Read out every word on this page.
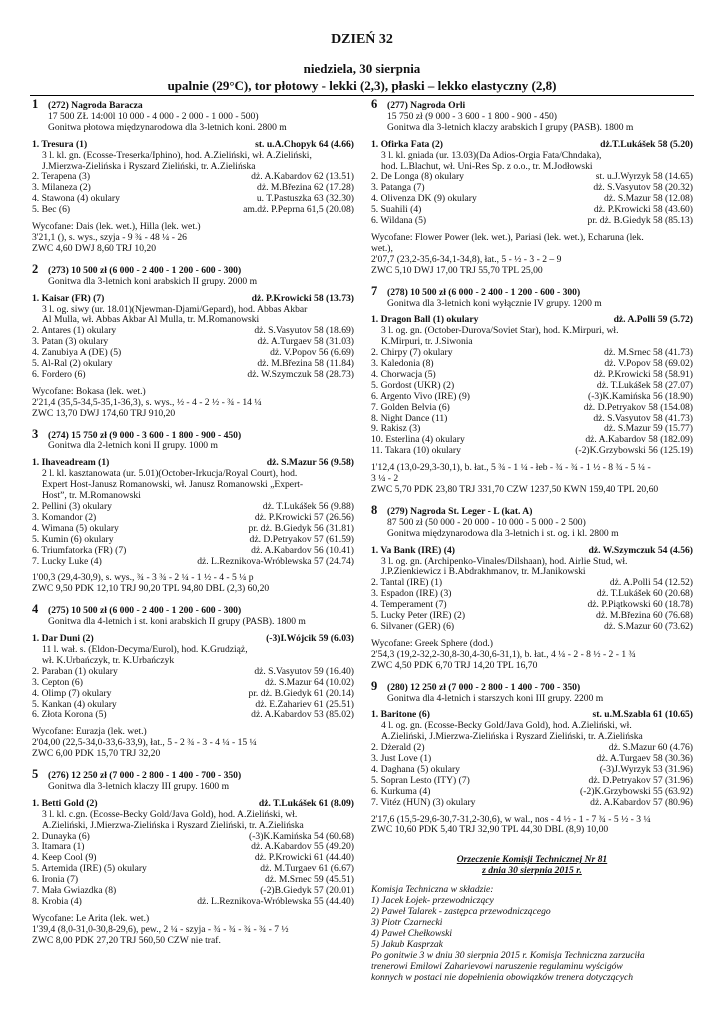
DZIEŃ 32
niedziela, 30 sierpnia
upalnie (29°C), tor płotowy - lekki (2,3), płaski – lekko elastyczny (2,8)
1	(272) Nagroda Baracza
17 500 ZŁ 14:00l 10 000 - 4 000 - 2 000 - 1 000 - 500)
Gonitwa płotowa międzynarodowa dla 3-letnich koni. 2800 m
1. Tresura (1)	st. u.A.Chopyk 64 (4.66)
3 l. kl. gn. (Ecosse-Treserka/Iphino), hod. A.Zieliński, wł. A.Zieliński,
J.Mierzwa-Zielińska i Ryszard Zieliński, tr. A.Zielińska
2. Terapena (3)	dż. A.Kabardov 62 (13.51)
3. Milaneza (2)	dż. M.Březina 62 (17.28)
4. Stawona (4) okulary	u. T.Pastuszka 63 (32.30)
5. Bec (6)	am.dż. P.Peprna 61,5 (20.08)
Wycofane: Dais (lek. wet.), Hilla (lek. wet.)
3'21,1 (), s. wys., szyja - 9 ¾ - 48 ¼ - 26
ZWC 4,60 DWJ 8,60 TRJ 10,20
2	(273) 10 500 zł (6 000 - 2 400 - 1 200 - 600 - 300)
Gonitwa dla 3-letnich koni arabskich II grupy. 2000 m
1. Kaisar (FR) (7)	dż. P.Krowicki 58 (13.73)
3 l. og. siwy (ur. 18.01)(Njewman-Djami/Gepard), hod. Abbas Akbar
Al Mulla, wł. Abbas Akbar Al Mulla, tr. M.Romanowski
2. Antares (1) okulary	dż. S.Vasyutov 58 (18.69)
3. Patan (3) okulary	dż. A.Turgaev 58 (31.03)
4. Zanubiya A (DE) (5)	dż. V.Popov 56 (6.69)
5. Al-Ral (2) okulary	dż. M.Březina 58 (11.84)
6. Fordero (6)	dż. W.Szymczuk 58 (28.73)
Wycofane: Bokasa (lek. wet.)
2'21,4 (35,5-34,5-35,1-36,3), s. wys., ½ - 4 - 2 ½ - ¾ - 14 ¼
ZWC 13,70 DWJ 174,60 TRJ 910,20
3	(274) 15 750 zł (9 000 - 3 600 - 1 800 - 900 - 450)
Gonitwa dla 2-letnich koni II grupy. 1000 m
1. Ihaveadream (1)	dż. S.Mazur 56 (9.58)
2 l. kl. kasztanowata (ur. 5.01)(October-Irkucja/Royal Court), hod.
Expert Host-Janusz Romanowski, wł. Janusz Romanowski „Expert-
Host”, tr. M.Romanowski
2. Pellini (3) okulary	dż. T.Lukášek 56 (9.88)
3. Komandor (2)	dż. P.Krowicki 57 (26.56)
4. Wimana (5) okulary	pr. dż. B.Giedyk 56 (31.81)
5. Kumin (6) okulary	dż. D.Petryakov 57 (61.59)
6. Triumfatorka (FR) (7)	dż. A.Kabardov 56 (10.41)
7. Lucky Luke (4)	dż. L.Reznikova-Wróblewska 57 (24.74)
1'00,3 (29,4-30,9), s. wys., ¾ - 3 ¾ - 2 ¼ - 1 ½ - 4 - 5 ¼ p
ZWC 9,50 PDK 12,10 TRJ 90,20 TPL 94,80 DBL (2,3) 60,20
4	(275) 10 500 zł (6 000 - 2 400 - 1 200 - 600 - 300)
Gonitwa dla 4-letnich i st. koni arabskich II grupy (PASB). 1800 m
1. Dar Duni (2)	(-3)I.Wójcik 59 (6.03)
11 l. wał. s. (Eldon-Decyma/Eurol), hod. K.Grudziąż,
wł. K.Urbańczyk, tr. K.Urbańczyk
2. Paraban (1) okulary	dż. S.Vasyutov 59 (16.40)
3. Cepton (6)	dż. S.Mazur 64 (10.02)
4. Olimp (7) okulary	pr. dż. B.Giedyk 61 (20.14)
5. Kankan (4) okulary	dż. E.Zahariev 61 (25.51)
6. Złota Korona (5)	dż. A.Kabardov 53 (85.02)
Wycofane: Eurazja (lek. wet.)
2'04,00 (22,5-34,0-33,6-33,9), łat., 5 - 2 ¾ - 3 - 4 ¼ - 15 ¼
ZWC 6,00 PDK 15,70 TRJ 32,20
5	(276) 12 250 zł (7 000 - 2 800 - 1 400 - 700 - 350)
Gonitwa dla 3-letnich klaczy III grupy. 1600 m
1. Betti Gold (2)	dż. T.Lukášek 61 (8.09)
3 l. kl. c.gn. (Ecosse-Becky Gold/Java Gold), hod. A.Zieliński, wł.
A.Zieliński, J.Mierzwa-Zielińska i Ryszard Zieliński, tr. A.Zielińska
2. Dunayka (6)	(-3)K.Kamińska 54 (60.68)
3. Itamara (1)	dż. A.Kabardov 55 (49.20)
4. Keep Cool (9)	dż. P.Krowicki 61 (44.40)
5. Artemida (IRE) (5) okulary	dż. M.Turgaev 61 (6.67)
6. Ironia (7)	dż. M.Srnec 59 (45.51)
7. Mała Gwiazdka (8)	(-2)B.Giedyk 57 (20.01)
8. Krobia (4)	dż. L.Reznikova-Wróblewska 55 (44.40)
Wycofane: Le Arita (lek. wet.)
1'39,4 (8,0-31,0-30,8-29,6), pew., 2 ¼ - szyja - ¾ - ¾ - ¾ - ¾ - 7 ½
ZWC 8,00 PDK 27,20 TRJ 560,50 CZW nie traf.
6	(277) Nagroda Orli
15 750 zł (9 000 - 3 600 - 1 800 - 900 - 450)
Gonitwa dla 3-letnich klaczy arabskich I grupy (PASB). 1800 m
1. Ofirka Fata (2)	dż.T.Lukášek 58 (5.20)
3 l. kl. gniada (ur. 13.03)(Da Adios-Orgia Fata/Chndaka),
hod. L.Blachut, wł. Uni-Res Sp. z o.o., tr. M.Jodłowski
2. De Longa (8) okulary	st. u.J.Wyrzyk 58 (14.65)
3. Patanga (7)	dż. S.Vasyutov 58 (20.32)
4. Olivenza DK (9) okulary	dż. S.Mazur 58 (12.08)
5. Suahili (4)	dż. P.Krowicki 58 (43.60)
6. Wildana (5)	pr. dż. B.Giedyk 58 (85.13)
Wycofane: Flower Power (lek. wet.), Pariasi (lek. wet.), Echaruna (lek.
wet.),
2'07,7 (23,2-35,6-34,1-34,8), łat., 5 - ½ - 3 - 2 – 9
ZWC 5,10 DWJ 17,00 TRJ 55,70 TPL 25,00
7	(278) 10 500 zł (6 000 - 2 400 - 1 200 - 600 - 300)
Gonitwa dla 3-letnich koni wyłącznie IV grupy. 1200 m
1. Dragon Ball (1) okulary	dż. A.Polli 59 (5.72)
3 l. og. gn. (October-Durova/Soviet Star), hod. K.Mirpuri, wł.
K.Mirpuri, tr. J.Siwonia
2. Chirpy (7) okulary	dż. M.Srnec 58 (41.73)
3. Kaledonia (8)	dż. V.Popov 58 (69.02)
4. Chorwacja (5)	dż. P.Krowicki 58 (58.91)
5. Gordost (UKR) (2)	dż. T.Lukášek 58 (27.07)
6. Argento Vivo (IRE) (9)	(-3)K.Kamińska 56 (18.90)
7. Golden Belvia (6)	dż. D.Petryakov 58 (154.08)
8. Night Dance (11)	dż. S.Vasyutov 58 (41.73)
9. Rakisz (3)	dż. S.Mazur 59 (15.77)
10. Esterlina (4) okulary	dż. A.Kabardov 58 (182.09)
11. Takara (10) okulary	(-2)K.Grzybowski 56 (125.19)
1'12,4 (13,0-29,3-30,1), b. łat., 5 ¾ - 1 ¼ - łeb - ¾ - ¾ - 1 ½ - 8 ¾ - 5 ¼ -
3 ¼ - 2
ZWC 5,70 PDK 23,80 TRJ 331,70 CZW 1237,50 KWN 159,40 TPL 20,60
8	(279) Nagroda St. Leger - L (kat. A)
87 500 zł (50 000 - 20 000 - 10 000 - 5 000 - 2 500)
Gonitwa międzynarodowa dla 3-letnich i st. og. i kl. 2800 m
1. Va Bank (IRE) (4)	dż. W.Szymczuk 54 (4.56)
3 l. og. gn. (Archipenko-Vinales/Dilshaan), hod. Airlie Stud, wł.
J.P.Zienkiewicz i B.Abdrakhmanov, tr. M.Janikowski
2. Tantal (IRE) (1)	dż. A.Polli 54 (12.52)
3. Espadon (IRE) (3)	dż. T.Lukášek 60 (20.68)
4. Temperament (7)	dż. P.Piątkowski 60 (18.78)
5. Lucky Peter (IRE) (2)	dż. M.Březina 60 (76.68)
6. Silvaner (GER) (6)	dż. S.Mazur 60 (73.62)
Wycofane: Greek Sphere (dod.)
2'54,3 (19,2-32,2-30,8-30,4-30,6-31,1), b. łat., 4 ¼ - 2 - 8 ½ - 2 - 1 ¾
ZWC 4,50 PDK 6,70 TRJ 14,20 TPL 16,70
9	(280) 12 250 zł (7 000 - 2 800 - 1 400 - 700 - 350)
Gonitwa dla 4-letnich i starszych koni III grupy. 2200 m
1. Baritone (6)	st. u.M.Szabla 61 (10.65)
4 l. og. gn. (Ecosse-Becky Gold/Java Gold), hod. A.Zieliński, wł.
A.Zieliński, J.Mierzwa-Zielińska i Ryszard Zieliński, tr. A.Zielińska
2. Dżerald (2)	dż. S.Mazur 60 (4.76)
3. Just Love (1)	dż. A.Turgaev 58 (30.36)
4. Daghana (5) okulary	(-3)J.Wyrzyk 53 (31.96)
5. Sopran Lesto (ITY) (7)	dż. D.Petryakov 57 (31.96)
6. Kurkuma (4)	(-2)K.Grzybowski 55 (63.92)
7. Vitéz (HUN) (3) okulary	dż. A.Kabardov 57 (80.96)
2'17,6 (15,5-29,6-30,7-31,2-30,6), w wal., nos - 4 ½ - 1 - 7 ¾ - 5 ½ - 3 ¼
ZWC 10,60 PDK 5,40 TRJ 32,90 TPL 44,30 DBL (8,9) 10,00
Orzeczenie Komisji Technicznej Nr 81
z dnia 30 sierpnia 2015 r.
Komisja Techniczna w składzie:
1) Jacek Łojek- przewodniczący
2) Paweł Talarek - zastępca przewodniczącego
3) Piotr Czarnecki
4) Paweł Chełkowski
5) Jakub Kasprzak
Po gonitwie 3 w dniu 30 sierpnia 2015 r. Komisja Techniczna zarzuciła
trenerowi Emilowi Zaharievowi naruszenie regulaminu wyścigów
konnych w postaci nie dopełnienia obowiązków trenera dotyczących
